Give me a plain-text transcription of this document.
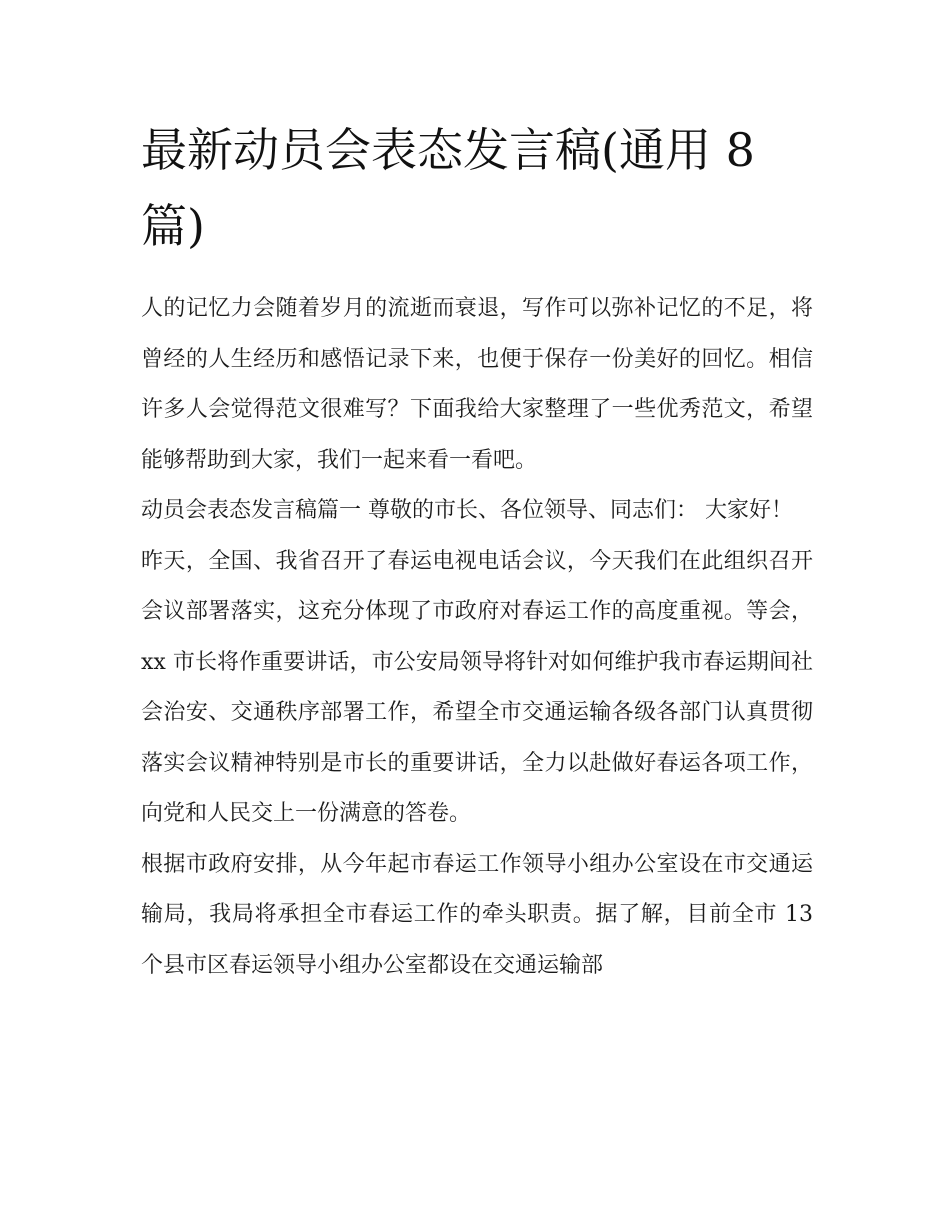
最新动员会表态发言稿(通用 8 篇)

人的记忆力会随着岁月的流逝而衰退，写作可以弥补记忆的不足，将曾经的人生经历和感悟记录下来，也便于保存一份美好的回忆。相信许多人会觉得范文很难写？下面我给大家整理了一些优秀范文，希望能够帮助到大家，我们一起来看一看吧。

动员会表态发言稿篇一 尊敬的市长、各位领导、同志们： 大家好！

昨天，全国、我省召开了春运电视电话会议，今天我们在此组织召开会议部署落实，这充分体现了市政府对春运工作的高度重视。等会，xx 市长将作重要讲话，市公安局领导将针对如何维护我市春运期间社会治安、交通秩序部署工作，希望全市交通运输各级各部门认真贯彻落实会议精神特别是市长的重要讲话，全力以赴做好春运各项工作，向党和人民交上一份满意的答卷。

根据市政府安排，从今年起市春运工作领导小组办公室设在市交通运输局，我局将承担全市春运工作的牵头职责。据了解，目前全市 13 个县市区春运领导小组办公室都设在交通运输部
